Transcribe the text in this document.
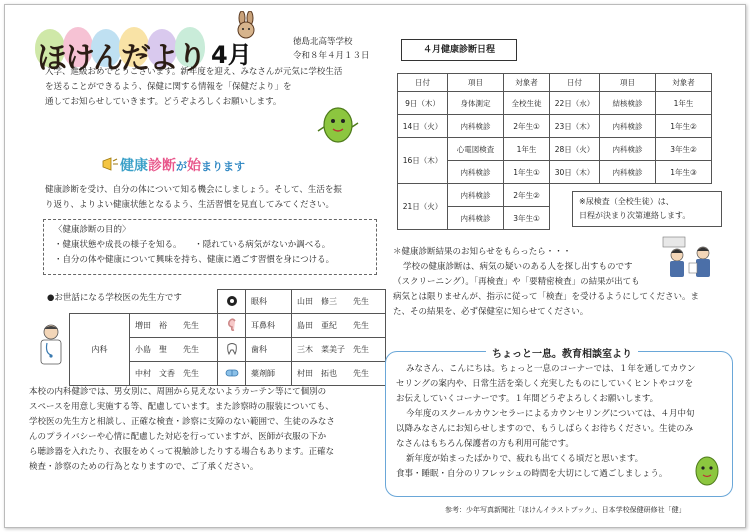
ほ
け
ん
だ
よ
り 4月	徳島北高等学校
令和８年４月１３日

入学、進級おめでとうございます。新年度を迎え、みなさんが元気に学校生活

を送ることができるよう、保健に関する情報を「保健だより」を

通してお知らせしていきます。どうぞよろしくお願いします。

健康診断が始まります

健康診断を受け、自分の体について知る機会にしましょう。そして、生活を振

り返り、よりよい健康状態となるよう、生活習慣を見直してみてください。

〈健康診断の目的〉

・健康状態や成長の様子を知る。　　・隠れている病気がないか調べる。

・自分の体や健康について興味を持ち、健康に過ごす習慣を身につける。

●お世話になる学校医の先生方です
				眼科	山田　修三　　先生
内科	増田　裕　　先生		耳鼻科	島田　亜紀　　先生
	小島　聖　　先生		歯科	三木　菜美子　先生
	中村　文香　先生		薬剤師	村田　拓也　　先生

本校の内科健診では、男女別に、周囲から見えないようカーテン等にて個別の

スペースを用意し実施する等、配慮しています。また診察時の服装についても、

学校医の先生方と相談し、正確な検査・診察に支障のない範囲で、生徒のみなさ

んのプライバシーや心情に配慮した対応を行っていますが、医師が衣服の下か

ら聴診器を入れたり、衣服をめくって視触診したりする場合もあります。正確な

検査・診察のための行為となりますので、ご了承ください。

４月健康診断日程
日付	項目	対象者	日付	項目	対象者
9日（木）	身体測定	全校生徒	22日（水）	結核検診	1年生
14日（火）	内科検診	2年生①	23日（木）	内科検診	1年生②
16日（木）	心電図検査	1年生	28日（火）	内科検診	3年生②
	内科検診	1年生①	30日（木）	内科検診	1年生③
21日（火）	内科検診	2年生②			
	内科検診	3年生①			

※尿検査（全校生徒）は、

日程が決まり次第連絡します。

＊健康診断結果のお知らせをもらったら・・・

学校の健康診断は、病気の疑いのある人を探し出すものです

（スクリーニング）。「再検査」や「要精密検査」の結果が出ても

病気とは限りませんが、指示に従って「検査」を受けるようにしてください。ま

た、その結果を、必ず保健室に知らせてください。

ちょっと一息。教育相談室より

みなさん、こんにちは。ちょっと一息のコーナーでは、１年を通してカウン

セリングの案内や、日常生活を楽しく充実したものにしていくヒントやコツを

お伝えしていくコーナーです。１年間どうぞよろしくお願いします。

今年度のスクールカウンセラーによるカウンセリングについては、４月中旬

以降みなさんにお知らせしますので、もうしばらくお待ちください。生徒のみ

なさんはもちろん保護者の方も利用可能です。

新年度が始まったばかりで、疲れも出てくる頃だと思います。

食事・睡眠・自分のリフレッシュの時間を大切にして過ごしましょう。

参考：少年写真新聞社「ほけんイラストブック」、日本学校保健研修社「健」
